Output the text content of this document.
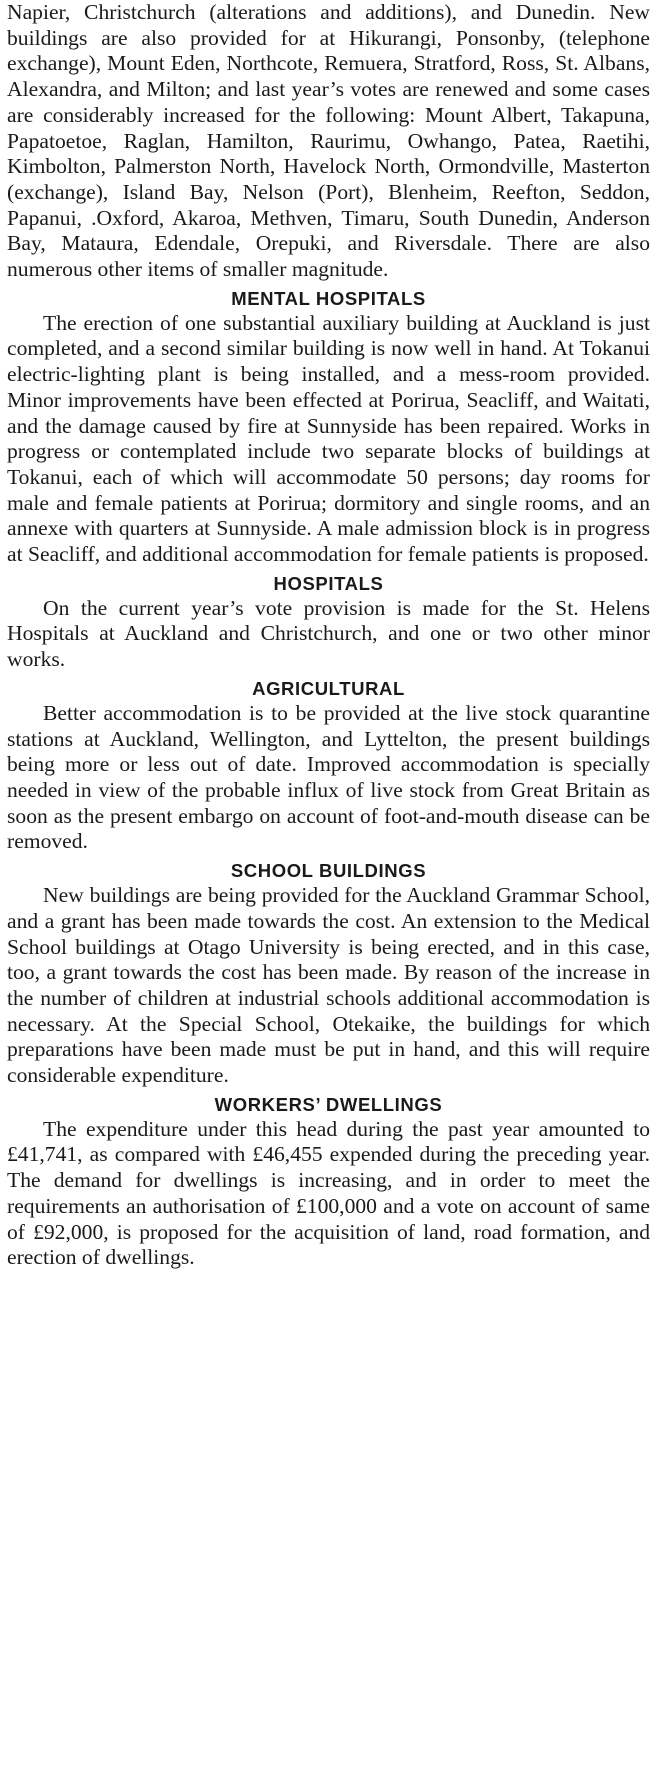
Napier, Christchurch (alterations and additions), and Dunedin. New buildings are also provided for at Hikurangi, Ponsonby, (telephone exchange), Mount Eden, Northcote, Remuera, Stratford, Ross, St. Albans, Alexandra, and Milton; and last year’s votes are renewed and some cases are considerably increased for the following: Mount Albert, Takapuna, Papatoetoe, Raglan, Hamilton, Raurimu, Owhango, Patea, Raetihi, Kimbolton, Palmerston North, Havelock North, Ormondville, Masterton (exchange), Island Bay, Nelson (Port), Blenheim, Reefton, Seddon, Papanui, .Oxford, Akaroa, Methven, Timaru, South Dunedin, Anderson Bay, Mataura, Edendale, Orepuki, and Riversdale. There are also numerous other items of smaller magnitude.

MENTAL HOSPITALS

The erection of one substantial auxiliary building at Auckland is just completed, and a second similar building is now well in hand. At Tokanui electric-lighting plant is being installed, and a mess-room provided. Minor improvements have been effected at Porirua, Seacliff, and Waitati, and the damage caused by fire at Sunnyside has been repaired. Works in progress or contemplated include two separate blocks of buildings at Tokanui, each of which will accommodate 50 persons; day rooms for male and female patients at Porirua; dormitory and single rooms, and an annexe with quarters at Sunnyside. A male admission block is in progress at Seacliff, and additional accommodation for female patients is proposed.

HOSPITALS

On the current year’s vote provision is made for the St. Helens Hospitals at Auckland and Christchurch, and one or two other minor works.

AGRICULTURAL

Better accommodation is to be provided at the live stock quarantine stations at Auckland, Wellington, and Lyttelton, the present buildings being more or less out of date. Improved accommodation is specially needed in view of the probable influx of live stock from Great Britain as soon as the present embargo on account of foot-and-mouth disease can be removed.

SCHOOL BUILDINGS

New buildings are being provided for the Auckland Grammar School, and a grant has been made towards the cost. An extension to the Medical School buildings at Otago University is being erected, and in this case, too, a grant towards the cost has been made. By reason of the increase in the number of children at industrial schools additional accommodation is necessary. At the Special School, Otekaike, the buildings for which preparations have been made must be put in hand, and this will require considerable expenditure.

WORKERS’ DWELLINGS

The expenditure under this head during the past year amounted to £41,741, as compared with £46,455 expended during the preceding year. The demand for dwellings is increasing, and in order to meet the requirements an authorisation of £100,000 and a vote on account of same of £92,000, is proposed for the acquisition of land, road formation, and erection of dwellings.
